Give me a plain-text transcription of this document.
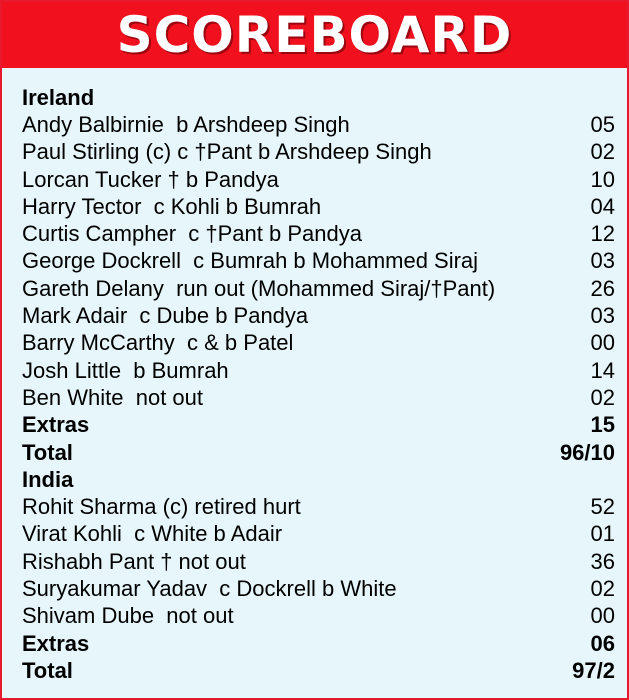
SCOREBOARD
Ireland
Andy Balbirnie  b Arshdeep Singh	05
Paul Stirling (c) c †Pant b Arshdeep Singh	02
Lorcan Tucker † b Pandya	10
Harry Tector  c Kohli b Bumrah	04
Curtis Campher  c †Pant b Pandya	12
George Dockrell  c Bumrah b Mohammed Siraj	03
Gareth Delany  run out (Mohammed Siraj/†Pant)	26
Mark Adair  c Dube b Pandya	03
Barry McCarthy  c & b Patel	00
Josh Little  b Bumrah	14
Ben White  not out	02
Extras	15
Total	96/10
India
Rohit Sharma (c) retired hurt	52
Virat Kohli  c White b Adair	01
Rishabh Pant † not out	36
Suryakumar Yadav  c Dockrell b White	02
Shivam Dube  not out	00
Extras	06
Total	97/2
